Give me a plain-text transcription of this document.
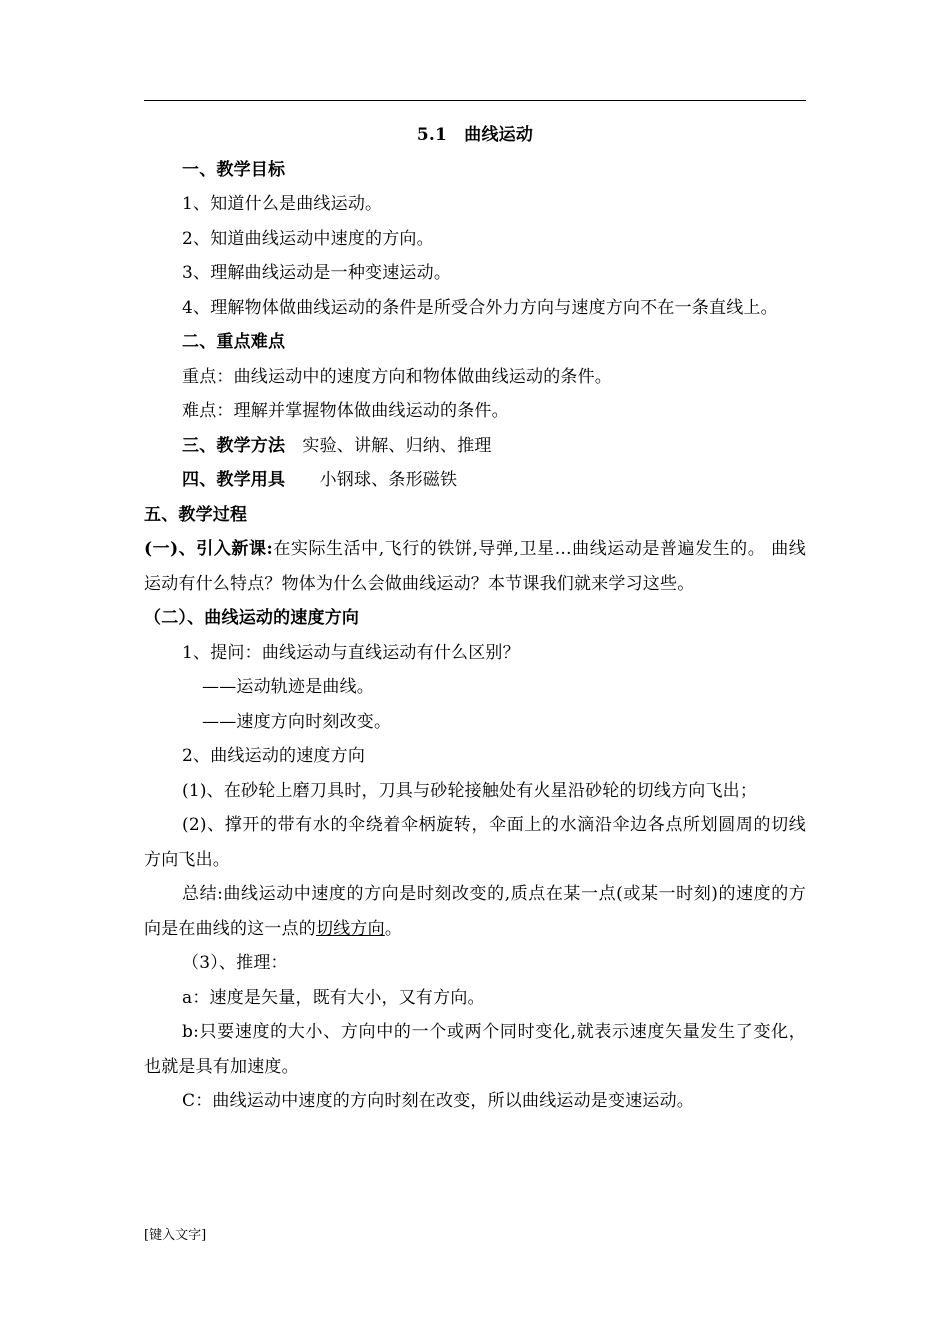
5.1　曲线运动

一、教学目标

1、知道什么是曲线运动。

2、知道曲线运动中速度的方向。

3、理解曲线运动是一种变速运动。

4、理解物体做曲线运动的条件是所受合外力方向与速度方向不在一条直线上。

二、重点难点

重点：曲线运动中的速度方向和物体做曲线运动的条件。

难点：理解并掌握物体做曲线运动的条件。

三、教学方法　实验、讲解、归纳、推理

四、教学用具　　小钢球、条形磁铁

五、教学过程

(一)、引入新课:在实际生活中,飞行的铁饼,导弹,卫星…曲线运动是普遍发生的。 曲线运动有什么特点？物体为什么会做曲线运动？本节课我们就来学习这些。

（二）、曲线运动的速度方向

1、提问：曲线运动与直线运动有什么区别？

——运动轨迹是曲线。

——速度方向时刻改变。

2、曲线运动的速度方向

(1)、在砂轮上磨刀具时，刀具与砂轮接触处有火星沿砂轮的切线方向飞出；

(2)、撑开的带有水的伞绕着伞柄旋转，伞面上的水滴沿伞边各点所划圆周的切线方向飞出。

总结:曲线运动中速度的方向是时刻改变的,质点在某一点(或某一时刻)的速度的方向是在曲线的这一点的切线方向。

（3）、推理：

a：速度是矢量，既有大小，又有方向。

b:只要速度的大小、方向中的一个或两个同时变化,就表示速度矢量发生了变化，也就是具有加速度。

C：曲线运动中速度的方向时刻在改变，所以曲线运动是变速运动。

[键入文字]
